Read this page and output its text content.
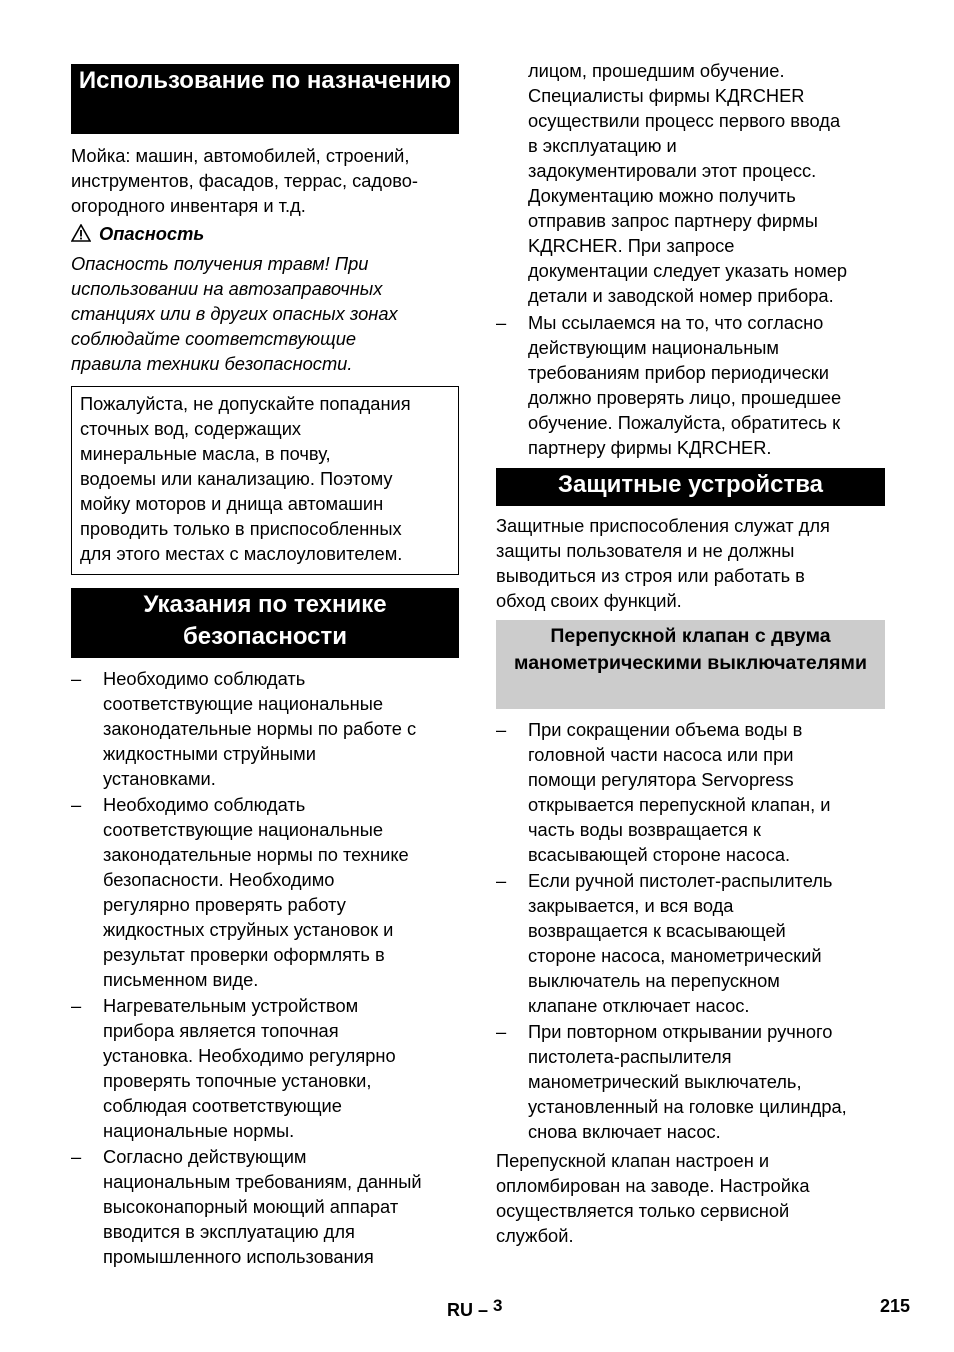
Использование по назначению
Мойка: машин, автомобилей, строений,
инструментов, фасадов, террас, садово-
огородного инвентаря и т.д.
Опасность
Опасность получения травм! При
использовании на автозаправочных
станциях или в других опасных зонах
соблюдайте соответствующие
правила техники безопасности.
Пожалуйста, не допускайте попадания
сточных вод, содержащих
минеральные масла, в почву,
водоемы или канализацию. Поэтому
мойку моторов и днища автомашин
проводить только в приспособленных
для этого местах с маслоуловителем.
Указания по технике безопасности
– Необходимо соблюдать
соответствующие национальные
законодательные нормы по работе с
жидкостными струйными
установками.
– Необходимо соблюдать
соответствующие национальные
законодательные нормы по технике
безопасности. Необходимо
регулярно проверять работу
жидкостных струйных установок и
результат проверки оформлять в
письменном виде.
– Нагревательным устройством
прибора является топочная
установка. Необходимо регулярно
проверять топочные установки,
соблюдая соответствующие
национальные нормы.
– Согласно действующим
национальным требованиям, данный
высоконапорный моющий аппарат
вводится в эксплуатацию для
промышленного использования
лицом, прошедшим обучение.
Специалисты фирмы KДRCHER
осуществили процесс первого ввода
в эксплуатацию и
задокументировали этот процесс.
Документацию можно получить
отправив запрос партнеру фирмы
KДRCHER. При запросе
документации следует указать номер
детали и заводской номер прибора.
– Мы ссылаемся на то, что согласно
действующим национальным
требованиям прибор периодически
должно проверять лицо, прошедшее
обучение. Пожалуйста, обратитесь к
партнеру фирмы KДRCHER.
Защитные устройства
Защитные приспособления служат для
защиты пользователя и не должны
выводиться из строя или работать в
обход своих функций.
Перепускной клапан с двума манометрическими выключателями
– При сокращении объема воды в
головной части насоса или при
помощи регулятора Servopress
открывается перепускной клапан, и
часть воды возвращается к
всасывающей стороне насоса.
– Если ручной пистолет-распылитель
закрывается, и вся вода
возвращается к всасывающей
стороне насоса, манометрический
выключатель на перепускном
клапане отключает насос.
– При повторном открывании ручного
пистолета-распылителя
манометрический выключатель,
установленный на головке цилиндра,
снова включает насос.
Перепускной клапан настроен и
опломбирован на заводе. Настройка
осуществляется только сервисной
службой.
RU – 3	215
